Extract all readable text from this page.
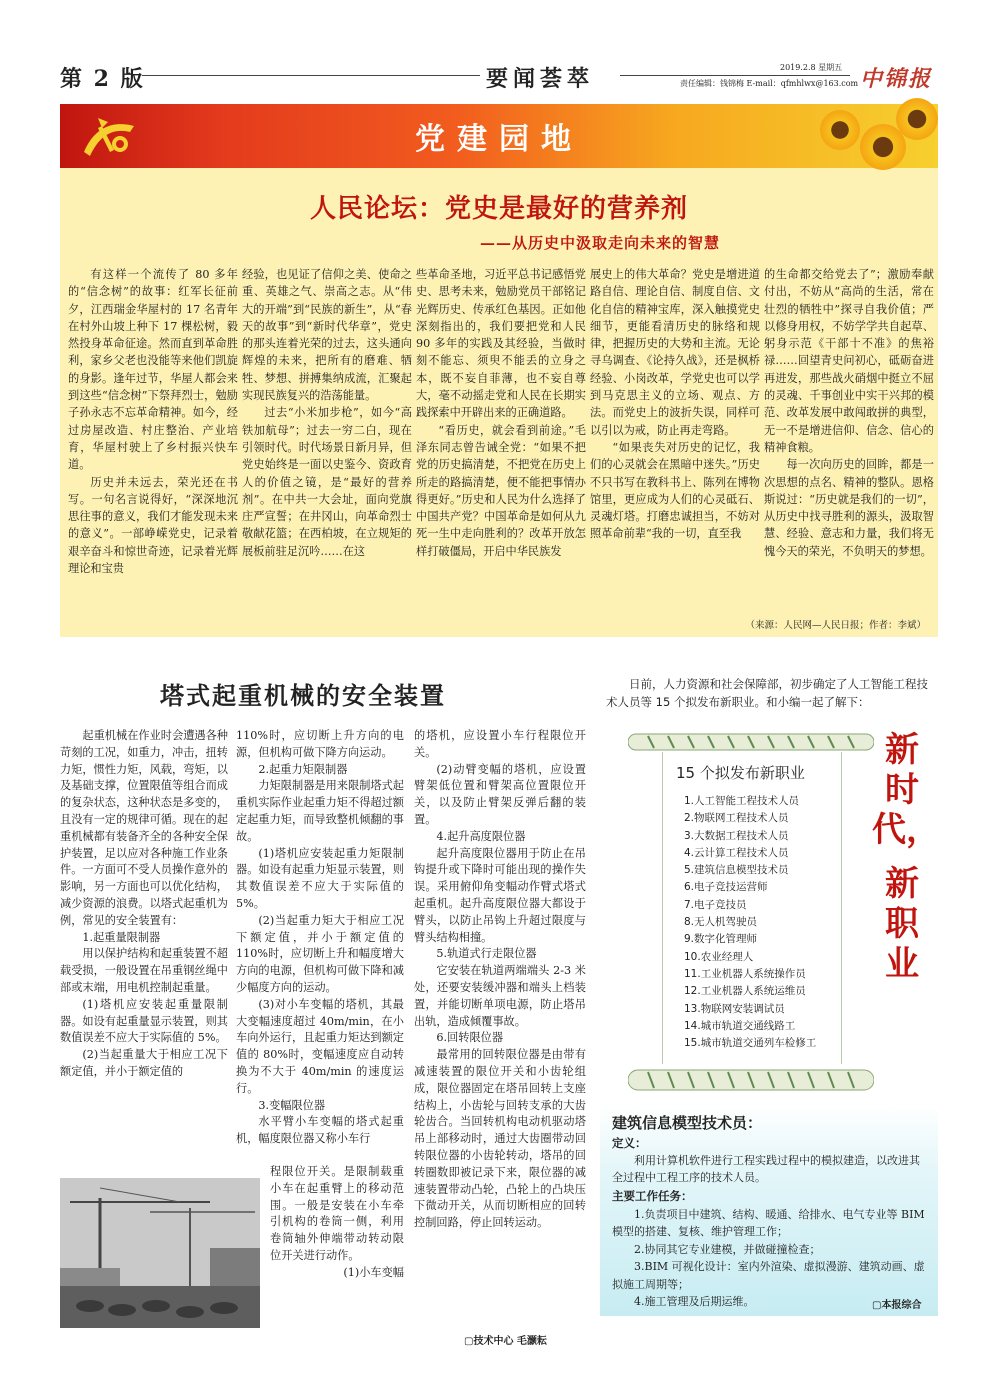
第 2 版	要闻荟萃	2019.2.8 星期五
责任编辑：钱锦梅 E-mail：qfmhlwx@163.com 中锦报
党建园地
人民论坛：党史是最好的营养剂
——从历史中汲取走向未来的智慧

有这样一个流传了 80 多年的“信念树”的故事：红军长征前夕，江西瑞金华屋村的 17 名青年在村外山坡上种下 17 棵松树，毅然投身革命征途。然而直到革命胜利，家乡父老也没能等来他们凯旋的身影。逢年过节，华屋人都会来到这些“信念树”下祭拜烈士，勉励子孙永志不忘革命精神。如今，经过房屋改造、村庄整治、产业培育，华屋村驶上了乡村振兴快车道。

历史并未远去，荣光还在书写。一句名言说得好，“深深地沉思往事的意义，我们才能发现未来的意义”。一部峥嵘党史，记录着艰辛奋斗和惊世奇迹，记录着光辉理论和宝贵

经验，也见证了信仰之美、使命之重、英雄之气、崇高之志。从“伟大的开端”到“民族的新生”，从“春天的故事”到“新时代华章”，党史的那头连着光荣的过去，这头通向辉煌的未来，把所有的磨难、牺牲、梦想、拼搏集纳成流，汇聚起实现民族复兴的浩荡能量。

过去“小米加步枪”，如今“高铁加航母”；过去一穷二白，现在引领时代。时代场景日新月异，但党史始终是一面以史鉴今、资政育人的价值之镜，是“最好的营养剂”。在中共一大会址，面向党旗庄严宣誓；在井冈山，向革命烈士敬献花篮；在西柏坡，在立规矩的展板前驻足沉吟……在这

些革命圣地，习近平总书记感悟党史、思考未来，勉励党员干部铭记光辉历史、传承红色基因。正如他深刻指出的，我们要把党和人民 90 多年的实践及其经验，当做时刻不能忘、须臾不能丢的立身之本，既不妄自菲薄，也不妄自尊大，毫不动摇走党和人民在长期实践探索中开辟出来的正确道路。

“看历史，就会看到前途。”毛泽东同志曾告诫全党：“如果不把党的历史搞清楚，不把党在历史上所走的路搞清楚，便不能把事情办得更好。”历史和人民为什么选择了中国共产党？中国革命是如何从九死一生中走向胜利的？改革开放怎样打破僵局，开启中华民族发

展史上的伟大革命？党史是增进道路自信、理论自信、制度自信、文化自信的精神宝库，深入触摸党史细节，更能看清历史的脉络和规律，把握历史的大势和主流。无论寻乌调查、《论持久战》，还是枫桥经验、小岗改革，学党史也可以学到马克思主义的立场、观点、方法。而党史上的波折失误，同样可以引以为戒，防止再走弯路。

“如果丧失对历史的记忆，我们的心灵就会在黑暗中迷失。”历史不只书写在教科书上、陈列在博物馆里，更应成为人们的心灵砥石、灵魂灯塔。打磨忠诚担当，不妨对照革命前辈“我的一切，直至我

的生命都交给党去了”；激励奉献付出，不妨从“高尚的生活，常在壮烈的牺牲中”探寻自我价值；严以修身用权，不妨学学共自起草、躬身示范《干部十不准》的焦裕禄……回望青史问初心，砥砺奋进再进发，那些战火硝烟中挺立不屈的灵魂、千事创业中实干兴邦的模范、改革发展中敢闯敢拼的典型，无一不是增进信仰、信念、信心的精神食粮。

每一次向历史的回眸，都是一次思想的点名、精神的整队。恩格斯说过：“历史就是我们的一切”，从历史中找寻胜利的源头，汲取智慧、经验、意志和力量，我们将无愧今天的荣光，不负明天的梦想。

（来源：人民网—人民日报；作者：李斌）
塔式起重机械的安全装置

起重机械在作业时会遭遇各种苛刻的工况，如重力，冲击，扭转力矩，惯性力矩，风载，弯矩，以及基础支撑，位置限值等组合而成的复杂状态，这种状态是多变的，且没有一定的规律可循。现在的起重机械都有装备齐全的各种安全保护装置，足以应对各种施工作业条件。一方面可不受人员操作意外的影响，另一方面也可以优化结构，减少资源的浪费。以塔式起重机为例，常见的安全装置有：

1.起重量限制器

用以保护结构和起重装置不超载受损，一般设置在吊重钢丝绳中部或末端，用电机控制起重量。

(1)塔机应安装起重量限制器。如设有起重量显示装置，则其数值误差不应大于实际值的 5%。

(2)当起重量大于相应工况下额定值，并小于额定值的

110%时，应切断上升方向的电源，但机构可做下降方向运动。

2.起重力矩限制器

力矩限制器是用来限制塔式起重机实际作业起重力矩不得超过额定起重力矩，而导致整机倾翻的事故。

(1)塔机应安装起重力矩限制器。如设有起重力矩显示装置，则其数值误差不应大于实际值的 5%。

(2)当起重力矩大于相应工况下额定值，并小于额定值的 110%时，应切断上升和幅度增大方向的电源，但机构可做下降和减少幅度方向的运动。

(3)对小车变幅的塔机，其最大变幅速度超过 40m/min，在小车向外运行，且起重力矩达到额定值的 80%时，变幅速度应自动转换为不大于 40m/min 的速度运行。

3.变幅限位器

水平臂小车变幅的塔式起重机，幅度限位器又称小车行

程限位开关。是限制载重小车在起重臂上的移动范围。一般是安装在小车牵引机构的卷筒一侧，利用卷筒轴外伸端带动转动限位开关进行动作。

(1)小车变幅

的塔机，应设置小车行程限位开关。

(2)动臂变幅的塔机，应设置臂架低位置和臂架高位置限位开关，以及防止臂架反弹后翻的装置。

4.起升高度限位器

起升高度限位器用于防止在吊钩提升或下降时可能出现的操作失误。采用俯仰角变幅动作臂式塔式起重机。起升高度限位器大都设于臂头，以防止吊钩上升超过限度与臂头结构相撞。

5.轨道式行走限位器

它安装在轨道两端端头 2-3 米处，还要安装缓冲器和端头上档装置，并能切断单项电源，防止塔吊出轨，造成倾覆事故。

6.回转限位器

最常用的回转限位器是由带有减速装置的限位开关和小齿轮组成，限位器固定在塔吊回转上支座结构上，小齿轮与回转支承的大齿轮齿合。当回转机构电动机驱动塔吊上部移动时，通过大齿圈带动回转限位器的小齿轮转动，塔吊的回转圈数即被记录下来，限位器的减速装置带动凸轮，凸轮上的凸块压下微动开关，从而切断相应的回转控制回路，停止回转运动。

▢技术中心 毛灏耘

日前，人力资源和社会保障部，初步确定了人工智能工程技术人员等 15 个拟发布新职业。和小编一起了解下：

15 个拟发布新职业
1.人工智能工程技术人员
2.物联网工程技术人员
3.大数据工程技术人员
4.云计算工程技术人员
5.建筑信息模型技术员
6.电子竞技运营师
7.电子竞技员
8.无人机驾驶员
9.数字化管理师
10.农业经理人
11.工业机器人系统操作员
12.工业机器人系统运维员
13.物联网安装调试员
14.城市轨道交通线路工
15.城市轨道交通列车检修工
新
时
代，
新
职
业
建筑信息模型技术员：
定义：
利用计算机软件进行工程实践过程中的模拟建造，以改进其全过程中工程工序的技术人员。
主要工作任务：

1.负责项目中建筑、结构、暖通、给排水、电气专业等 BIM 模型的搭建、复核、维护管理工作；

2.协同其它专业建模，并做碰撞检查；

3.BIM 可视化设计：室内外渲染、虚拟漫游、建筑动画、虚拟施工周期等；

4.施工管理及后期运维。	▢本报综合
